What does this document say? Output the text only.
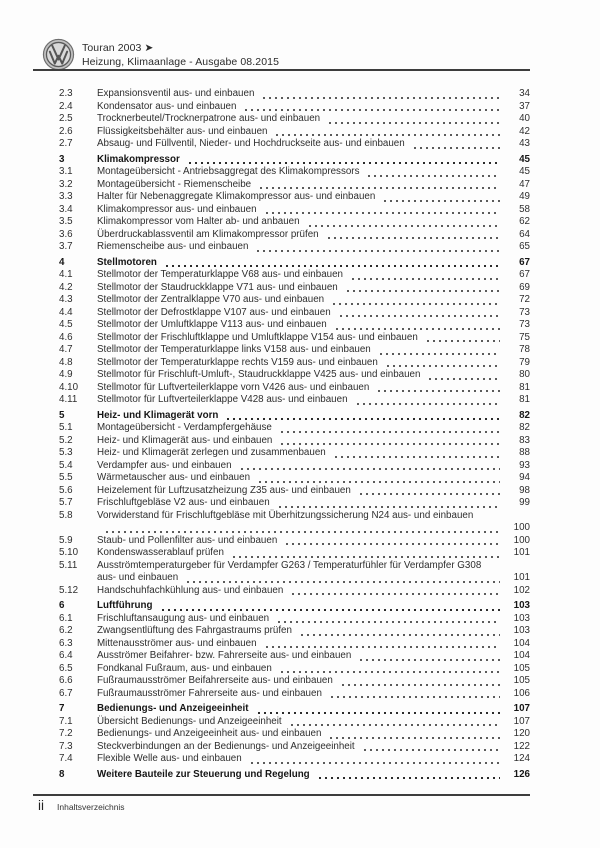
Touran 2003 ➤
Heizung, Klimaanlage - Ausgabe 08.2015
2.3	Expansionsventil aus- und einbauen	34
2.4	Kondensator aus- und einbauen	37
2.5	Trocknerbeutel/Trocknerpatrone aus- und einbauen	40
2.6	Flüssigkeitsbehälter aus- und einbauen	42
2.7	Absaug- und Füllventil, Nieder- und Hochdruckseite aus- und einbauen	43
3	Klimakompressor	45
3.1	Montageübersicht - Antriebsaggregat des Klimakompressors	45
3.2	Montageübersicht - Riemenscheibe	47
3.3	Halter für Nebenaggregate Klimakompressor aus- und einbauen	49
3.4	Klimakompressor aus- und einbauen	58
3.5	Klimakompressor vom Halter ab- und anbauen	62
3.6	Überdruckablassventil am Klimakompressor prüfen	64
3.7	Riemenscheibe aus- und einbauen	65
4	Stellmotoren	67
4.1	Stellmotor der Temperaturklappe V68 aus- und einbauen	67
4.2	Stellmotor der Staudruckklappe V71 aus- und einbauen	69
4.3	Stellmotor der Zentralklappe V70 aus- und einbauen	72
4.4	Stellmotor der Defrostklappe V107 aus- und einbauen	73
4.5	Stellmotor der Umluftklappe V113 aus- und einbauen	73
4.6	Stellmotor der Frischluftklappe und Umluftklappe V154 aus- und einbauen	75
4.7	Stellmotor der Temperaturklappe links V158 aus- und einbauen	78
4.8	Stellmotor der Temperaturklappe rechts V159 aus- und einbauen	79
4.9	Stellmotor für Frischluft-Umluft-, Staudruckklappe V425 aus- und einbauen	80
4.10	Stellmotor für Luftverteilerklappe vorn V426 aus- und einbauen	81
4.11	Stellmotor für Luftverteilerklappe V428 aus- und einbauen	81
5	Heiz- und Klimagerät vorn	82
5.1	Montageübersicht - Verdampfergehäuse	82
5.2	Heiz- und Klimagerät aus- und einbauen	83
5.3	Heiz- und Klimagerät zerlegen und zusammenbauen	88
5.4	Verdampfer aus- und einbauen	93
5.5	Wärmetauscher aus- und einbauen	94
5.6	Heizelement für Luftzusatzheizung Z35 aus- und einbauen	98
5.7	Frischluftgebläse V2 aus- und einbauen	99
5.8	Vorwiderstand für Frischluftgebläse mit Überhitzungssicherung N24 aus- und einbauen
100
5.9	Staub- und Pollenfilter aus- und einbauen	100
5.10	Kondenswasserablauf prüfen	101
5.11	Ausströmtemperaturgeber für Verdampfer G263 / Temperaturfühler für Verdampfer G308
aus- und einbauen	101
5.12	Handschuhfachkühlung aus- und einbauen	102
6	Luftführung	103
6.1	Frischluftansaugung aus- und einbauen	103
6.2	Zwangsentlüftung des Fahrgastraums prüfen	103
6.3	Mittenausströmer aus- und einbauen	104
6.4	Ausströmer Beifahrer- bzw. Fahrerseite aus- und einbauen	104
6.5	Fondkanal Fußraum, aus- und einbauen	105
6.6	Fußraumausströmer Beifahrerseite aus- und einbauen	105
6.7	Fußraumausströmer Fahrerseite aus- und einbauen	106
7	Bedienungs- und Anzeigeeinheit	107
7.1	Übersicht Bedienungs- und Anzeigeeinheit	107
7.2	Bedienungs- und Anzeigeeinheit aus- und einbauen	120
7.3	Steckverbindungen an der Bedienungs- und Anzeigeeinheit	122
7.4	Flexible Welle aus- und einbauen	124
8	Weitere Bauteile zur Steuerung und Regelung	126
ii Inhaltsverzeichnis
